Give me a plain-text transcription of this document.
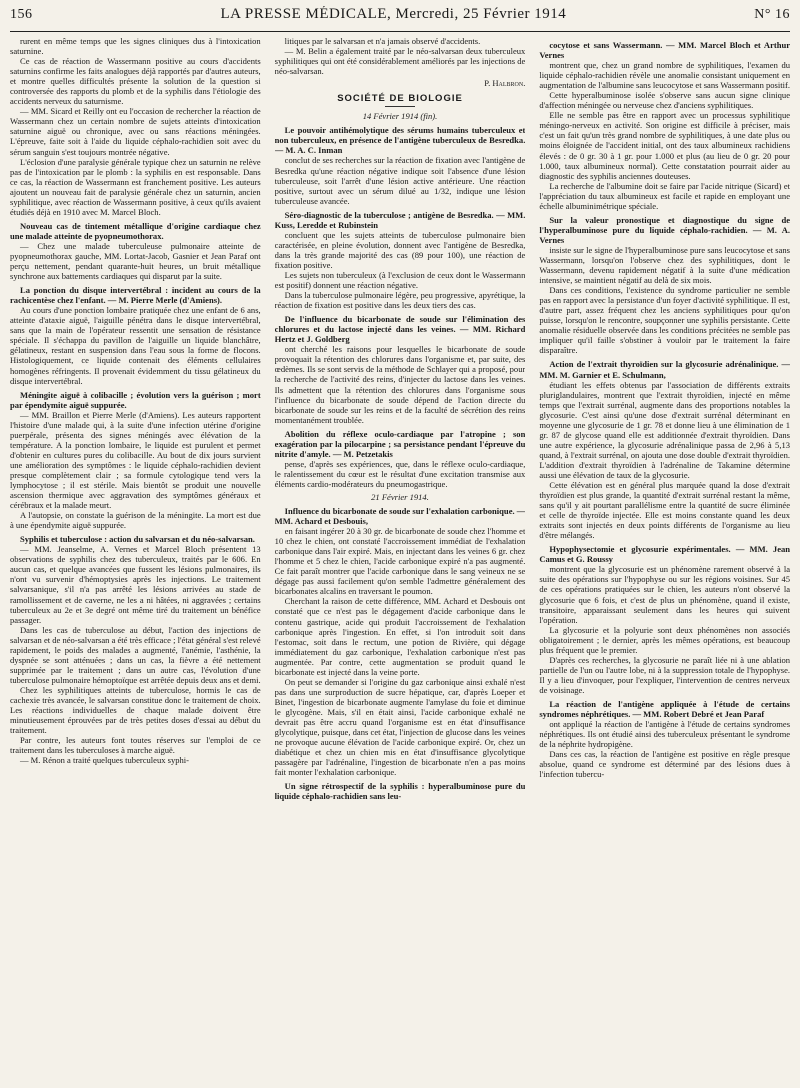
156	LA PRESSE MÉDICALE, Mercredi, 25 Février 1914	N° 16

rurent en même temps que les signes cliniques dus à l'intoxication saturnine.

Ce cas de réaction de Wassermann positive au cours d'accidents saturnins confirme les faits analogues déjà rapportés par d'autres auteurs, et montre quelles difficultés présente la solution de la question si controversée des rapports du plomb et de la syphilis dans l'étiologie des accidents nerveux du saturnisme.

— MM. Sicard et Reilly ont eu l'occasion de rechercher la réaction de Wassermann chez un certain nombre de sujets atteints d'intoxication saturnine aiguë ou chronique, avec ou sans réactions méningées. L'épreuve, faite soit à l'aide du liquide céphalo-rachidien soit avec du sérum sanguin s'est toujours montrée négative.

L'éclosion d'une paralysie générale typique chez un saturnin ne relève pas de l'intoxication par le plomb : la syphilis en est responsable. Dans ce cas, la réaction de Wassermann est franchement positive. Les auteurs ajoutent un nouveau fait de paralysie générale chez un saturnin, ancien syphilitique, avec réaction de Wassermann positive, à ceux qu'ils avaient étudiés déjà en 1910 avec M. Marcel Bloch.

Nouveau cas de tintement métallique d'origine cardiaque chez une malade atteinte de pyopneumothorax.

— Chez une malade tuberculeuse pulmonaire atteinte de pyopneumothorax gauche, MM. Lortat-Jacob, Gasnier et Jean Paraf ont perçu nettement, pendant quarante-huit heures, un bruit métallique synchrone aux battements cardiaques qui disparut par la suite.

La ponction du disque intervertébral : incident au cours de la rachicentèse chez l'enfant. — M. Pierre Merle (d'Amiens).

Au cours d'une ponction lombaire pratiquée chez une enfant de 6 ans, atteinte d'ataxie aiguë, l'aiguille pénétra dans le disque intervertébral, sans que la main de l'opérateur ressentit une sensation de résistance spéciale. Il s'échappa du pavillon de l'aiguille un liquide blanchâtre, gélatineux, restant en suspension dans l'eau sous la forme de flocons. Histologiquement, ce liquide contenait des éléments cellulaires homogènes réfringents. Il provenait évidemment du tissu gélatineux du disque intervertébral.

Méningite aiguë à colibacille ; évolution vers la guérison ; mort par épendymite aiguë suppurée.

— MM. Braillon et Pierre Merle (d'Amiens). Les auteurs rapportent l'histoire d'une malade qui, à la suite d'une infection utérine d'origine puerpérale, présenta des signes méningés avec élévation de la température. A la ponction lombaire, le liquide est purulent et permet d'obtenir en cultures pures du colibacille. Au bout de dix jours survient une amélioration des symptômes : le liquide céphalo-rachidien devient presque complètement clair ; sa formule cytologique tend vers la lymphocytose ; il est stérile. Mais bientôt se produit une nouvelle ascension thermique avec aggravation des symptômes généraux et cérébraux et la malade meurt.

A l'autopsie, on constate la guérison de la méningite. La mort est due à une épendymite aiguë suppurée.

Syphilis et tuberculose : action du salvarsan et du néo-salvarsan.

— MM. Jeanselme, A. Vernes et Marcel Bloch présentent 13 observations de syphilis chez des tuberculeux, traités par le 606. En aucun cas, et quelque avancées que fussent les lésions pulmonaires, ils n'ont vu survenir d'hémoptysies après les injections. Le traitement salvarsanique, s'il n'a pas arrêté les lésions arrivées au stade de ramollissement et de caverne, ne les a ni hâtées, ni aggravées ; certains tuberculeux au 2e et 3e degré ont même tiré du traitement un bénéfice passager.

Dans les cas de tuberculose au début, l'action des injections de salvarsan et de néo-salvarsan a été très efficace ; l'état général s'est relevé rapidement, le poids des malades a augmenté, l'anémie, l'asthénie, la dyspnée se sont atténuées ; dans un cas, la fièvre a été nettement supprimée par le traitement ; dans un autre cas, l'évolution d'une tuberculose pulmonaire hémoptoïque est arrêtée depuis deux ans et demi.

Chez les syphilitiques atteints de tuberculose, hormis le cas de cachexie très avancée, le salvarsan constitue donc le traitement de choix. Les réactions individuelles de chaque malade doivent être minutieusement éprouvées par de très petites doses d'essai au début du traitement.

Par contre, les auteurs font toutes réserves sur l'emploi de ce traitement dans les tuberculoses à marche aiguë.

— M. Rénon a traité quelques tuberculeux syphi-

litiques par le salvarsan et n'a jamais observé d'accidents.

— M. Belin a également traité par le néo-salvarsan deux tuberculeux syphilitiques qui ont été considérablement améliorés par les injections de néo-salvarsan.

P. Halbron.

SOCIÉTÉ DE BIOLOGIE

14 Février 1914 (fin).

Le pouvoir antihémolytique des sérums humains tuberculeux et non tuberculeux, en présence de l'antigène tuberculeux de Besredka. — M. A. C. Inman

conclut de ses recherches sur la réaction de fixation avec l'antigène de Besredka qu'une réaction négative indique soit l'absence d'une lésion tuberculeuse, soit l'arrêt d'une lésion active antérieure. Une réaction positive, surtout avec un sérum dilué au 1/32, indique une lésion tuberculeuse avancée.

Séro-diagnostic de la tuberculose ; antigène de Besredka. — MM. Kuss, Leredde et Rubinstein

concluent que les sujets atteints de tuberculose pulmonaire bien caractérisée, en pleine évolution, donnent avec l'antigène de Besredka, dans la très grande majorité des cas (89 pour 100), une réaction de fixation positive.

Les sujets non tuberculeux (à l'exclusion de ceux dont le Wassermann est positif) donnent une réaction négative.

Dans la tuberculose pulmonaire légère, peu progressive, apyrétique, la réaction de fixation est positive dans les deux tiers des cas.

De l'influence du bicarbonate de soude sur l'élimination des chlorures et du lactose injecté dans les veines. — MM. Richard Hertz et J. Goldberg

ont cherché les raisons pour lesquelles le bicarbonate de soude provoquait la rétention des chlorures dans l'organisme et, par suite, des œdèmes. Ils se sont servis de la méthode de Schlayer qui a proposé, pour la recherche de l'activité des reins, d'injecter du lactose dans les veines. Ils admettent que la rétention des chlorures dans l'organisme sous l'influence du bicarbonate de soude dépend de l'action directe du bicarbonate de soude sur les reins et de la faculté de sécrétion des reins momentanément troublée.

Abolition du réflexe oculo-cardiaque par l'atropine ; son exagération par la pilocarpine ; sa persistance pendant l'épreuve du nitrite d'amyle. — M. Petzetakis

pense, d'après ses expériences, que, dans le réflexe oculo-cardiaque, le ralentissement du cœur est le résultat d'une excitation transmise aux éléments cardio-modérateurs du pneumogastrique.

21 Février 1914.

Influence du bicarbonate de soude sur l'exhalation carbonique. — MM. Achard et Desbouis,

en faisant ingérer 20 à 30 gr. de bicarbonate de soude chez l'homme et 10 chez le chien, ont constaté l'accroissement immédiat de l'exhalation carbonique dans l'air expiré. Mais, en injectant dans les veines 6 gr. chez l'homme et 5 chez le chien, l'acide carbonique expiré n'a pas augmenté. Ce fait paraît montrer que l'acide carbonique dans le sang veineux ne se dégage pas aussi facilement qu'on semble l'admettre généralement des bicarbonates alcalins en traversant le poumon.

Cherchant la raison de cette différence, MM. Achard et Desbouis ont constaté que ce n'est pas le dégagement d'acide carbonique dans le contenu gastrique, acide qui produit l'accroissement de l'exhalation carbonique après l'ingestion. En effet, si l'on introduit soit dans l'estomac, soit dans le rectum, une potion de Rivière, qui dégage immédiatement du gaz carbonique, l'exhalation carbonique n'est pas augmentée. Par contre, cette augmentation se produit quand le bicarbonate est injecté dans la veine porte.

On peut se demander si l'origine du gaz carbonique ainsi exhalé n'est pas dans une surproduction de sucre hépatique, car, d'après Loeper et Binet, l'ingestion de bicarbonate augmente l'amylase du foie et diminue le glycogène. Mais, s'il en était ainsi, l'acide carbonique exhalé ne devrait pas être accru quand l'organisme est en état d'insuffisance glycolytique, puisque, dans cet état, l'injection de glucose dans les veines ne provoque aucune élévation de l'acide carbonique expiré. Or, chez un diabétique et chez un chien mis en état d'insuffisance glycolytique passagère par l'adrénaline, l'ingestion de bicarbonate n'en a pas moins fait monter l'exhalation carbonique.

Un signe rétrospectif de la syphilis : hyperalbuminose pure du liquide céphalo-rachidien sans leu-

cocytose et sans Wassermann. — MM. Marcel Bloch et Arthur Vernes

montrent que, chez un grand nombre de syphilitiques, l'examen du liquide céphalo-rachidien révèle une anomalie consistant uniquement en augmentation de l'albumine sans leucocytose et sans Wassermann positif.

Cette hyperalbuminose isolée s'observe sans aucun signe clinique d'affection méningée ou nerveuse chez d'anciens syphilitiques.

Elle ne semble pas être en rapport avec un processus syphilitique méningo-nerveux en activité. Son origine est difficile à préciser, mais c'est un fait qu'un très grand nombre de syphilitiques, à une date plus ou moins éloignée de l'accident initial, ont des taux albumineux rachidiens élevés : de 0 gr. 30 à 1 gr. pour 1.000 et plus (au lieu de 0 gr. 20 pour 1.000, taux albumineux normal). Cette constatation pourrait aider au diagnostic des syphilis anciennes douteuses.

La recherche de l'albumine doit se faire par l'acide nitrique (Sicard) et l'appréciation du taux albumineux est facile et rapide en employant une échelle albuminimétrique spéciale.

Sur la valeur pronostique et diagnostique du signe de l'hyperalbuminose pure du liquide céphalo-rachidien. — M. A. Vernes

insiste sur le signe de l'hyperalbuminose pure sans leucocytose et sans Wassermann, lorsqu'on l'observe chez des syphilitiques, dont le Wassermann, devenu rapidement négatif à la suite d'une médication intensive, se maintient négatif au delà de six mois.

Dans ces conditions, l'existence du syndrome particulier ne semble pas en rapport avec la persistance d'un foyer d'activité syphilitique. Il est, d'autre part, assez fréquent chez les anciens syphilitiques pour qu'on puisse, lorsqu'on le rencontre, soupçonner une syphilis persistante. Cette anomalie résiduelle observée dans les conditions précitées ne semble pas impliquer qu'il faille s'obstiner à vouloir par le traitement la faire disparaître.

Action de l'extrait thyroïdien sur la glycosurie adrénalinique. — MM. M. Garnier et E. Schulmann,

étudiant les effets obtenus par l'association de différents extraits pluriglandulaires, montrent que l'extrait thyroïdien, injecté en même temps que l'extrait surrénal, augmente dans des proportions notables la glycosurie. C'est ainsi qu'une dose d'extrait surrénal déterminant en moyenne une glycosurie de 1 gr. 78 et donne lieu à une élimination de 1 gr. 87 de glycose quand elle est additionnée d'extrait thyroïdien. Dans une autre expérience, la glycosurie adrénalinique passa de 2,96 à 5,13 quand, à l'extrait surrénal, on ajouta une dose double d'extrait thyroïdien. L'addition d'extrait thyroïdien à l'adrénaline de Takamine détermine aussi une élévation de taux de la glycosurie.

Cette élévation est en général plus marquée quand la dose d'extrait thyroïdien est plus grande, la quantité d'extrait surrénal restant la même, sans qu'il y ait pourtant parallélisme entre la quantité de sucre éliminée et celle de thyroïde injectée. Elle est moins constante quand les deux extraits sont injectés en deux points différents de l'organisme au lieu d'être mélangés.

Hypophysectomie et glycosurie expérimentales. — MM. Jean Camus et G. Roussy

montrent que la glycosurie est un phénomène rarement observé à la suite des opérations sur l'hypophyse ou sur les régions voisines. Sur 45 de ces opérations pratiquées sur le chien, les auteurs n'ont observé la glycosurie que 6 fois, et c'est de plus un phénomène, quand il existe, transitoire, apparaissant seulement dans les heures qui suivent l'opération.

La glycosurie et la polyurie sont deux phénomènes non associés obligatoirement ; le dernier, après les mêmes opérations, est beaucoup plus fréquent que le premier.

D'après ces recherches, la glycosurie ne paraît liée ni à une ablation partielle de l'un ou l'autre lobe, ni à la suppression totale de l'hypophyse. Il y a lieu d'invoquer, pour l'expliquer, l'intervention de centres nerveux de voisinage.

La réaction de l'antigène appliquée à l'étude de certains syndromes néphrétiques. — MM. Robert Debré et Jean Paraf

ont appliqué la réaction de l'antigène à l'étude de certains syndromes néphrétiques. Ils ont étudié ainsi des tuberculeux présentant le syndrome de la néphrite hydropigène.

Dans ces cas, la réaction de l'antigène est positive en règle presque absolue, quand ce syndrome est déterminé par des lésions dues à l'infection tubercu-
